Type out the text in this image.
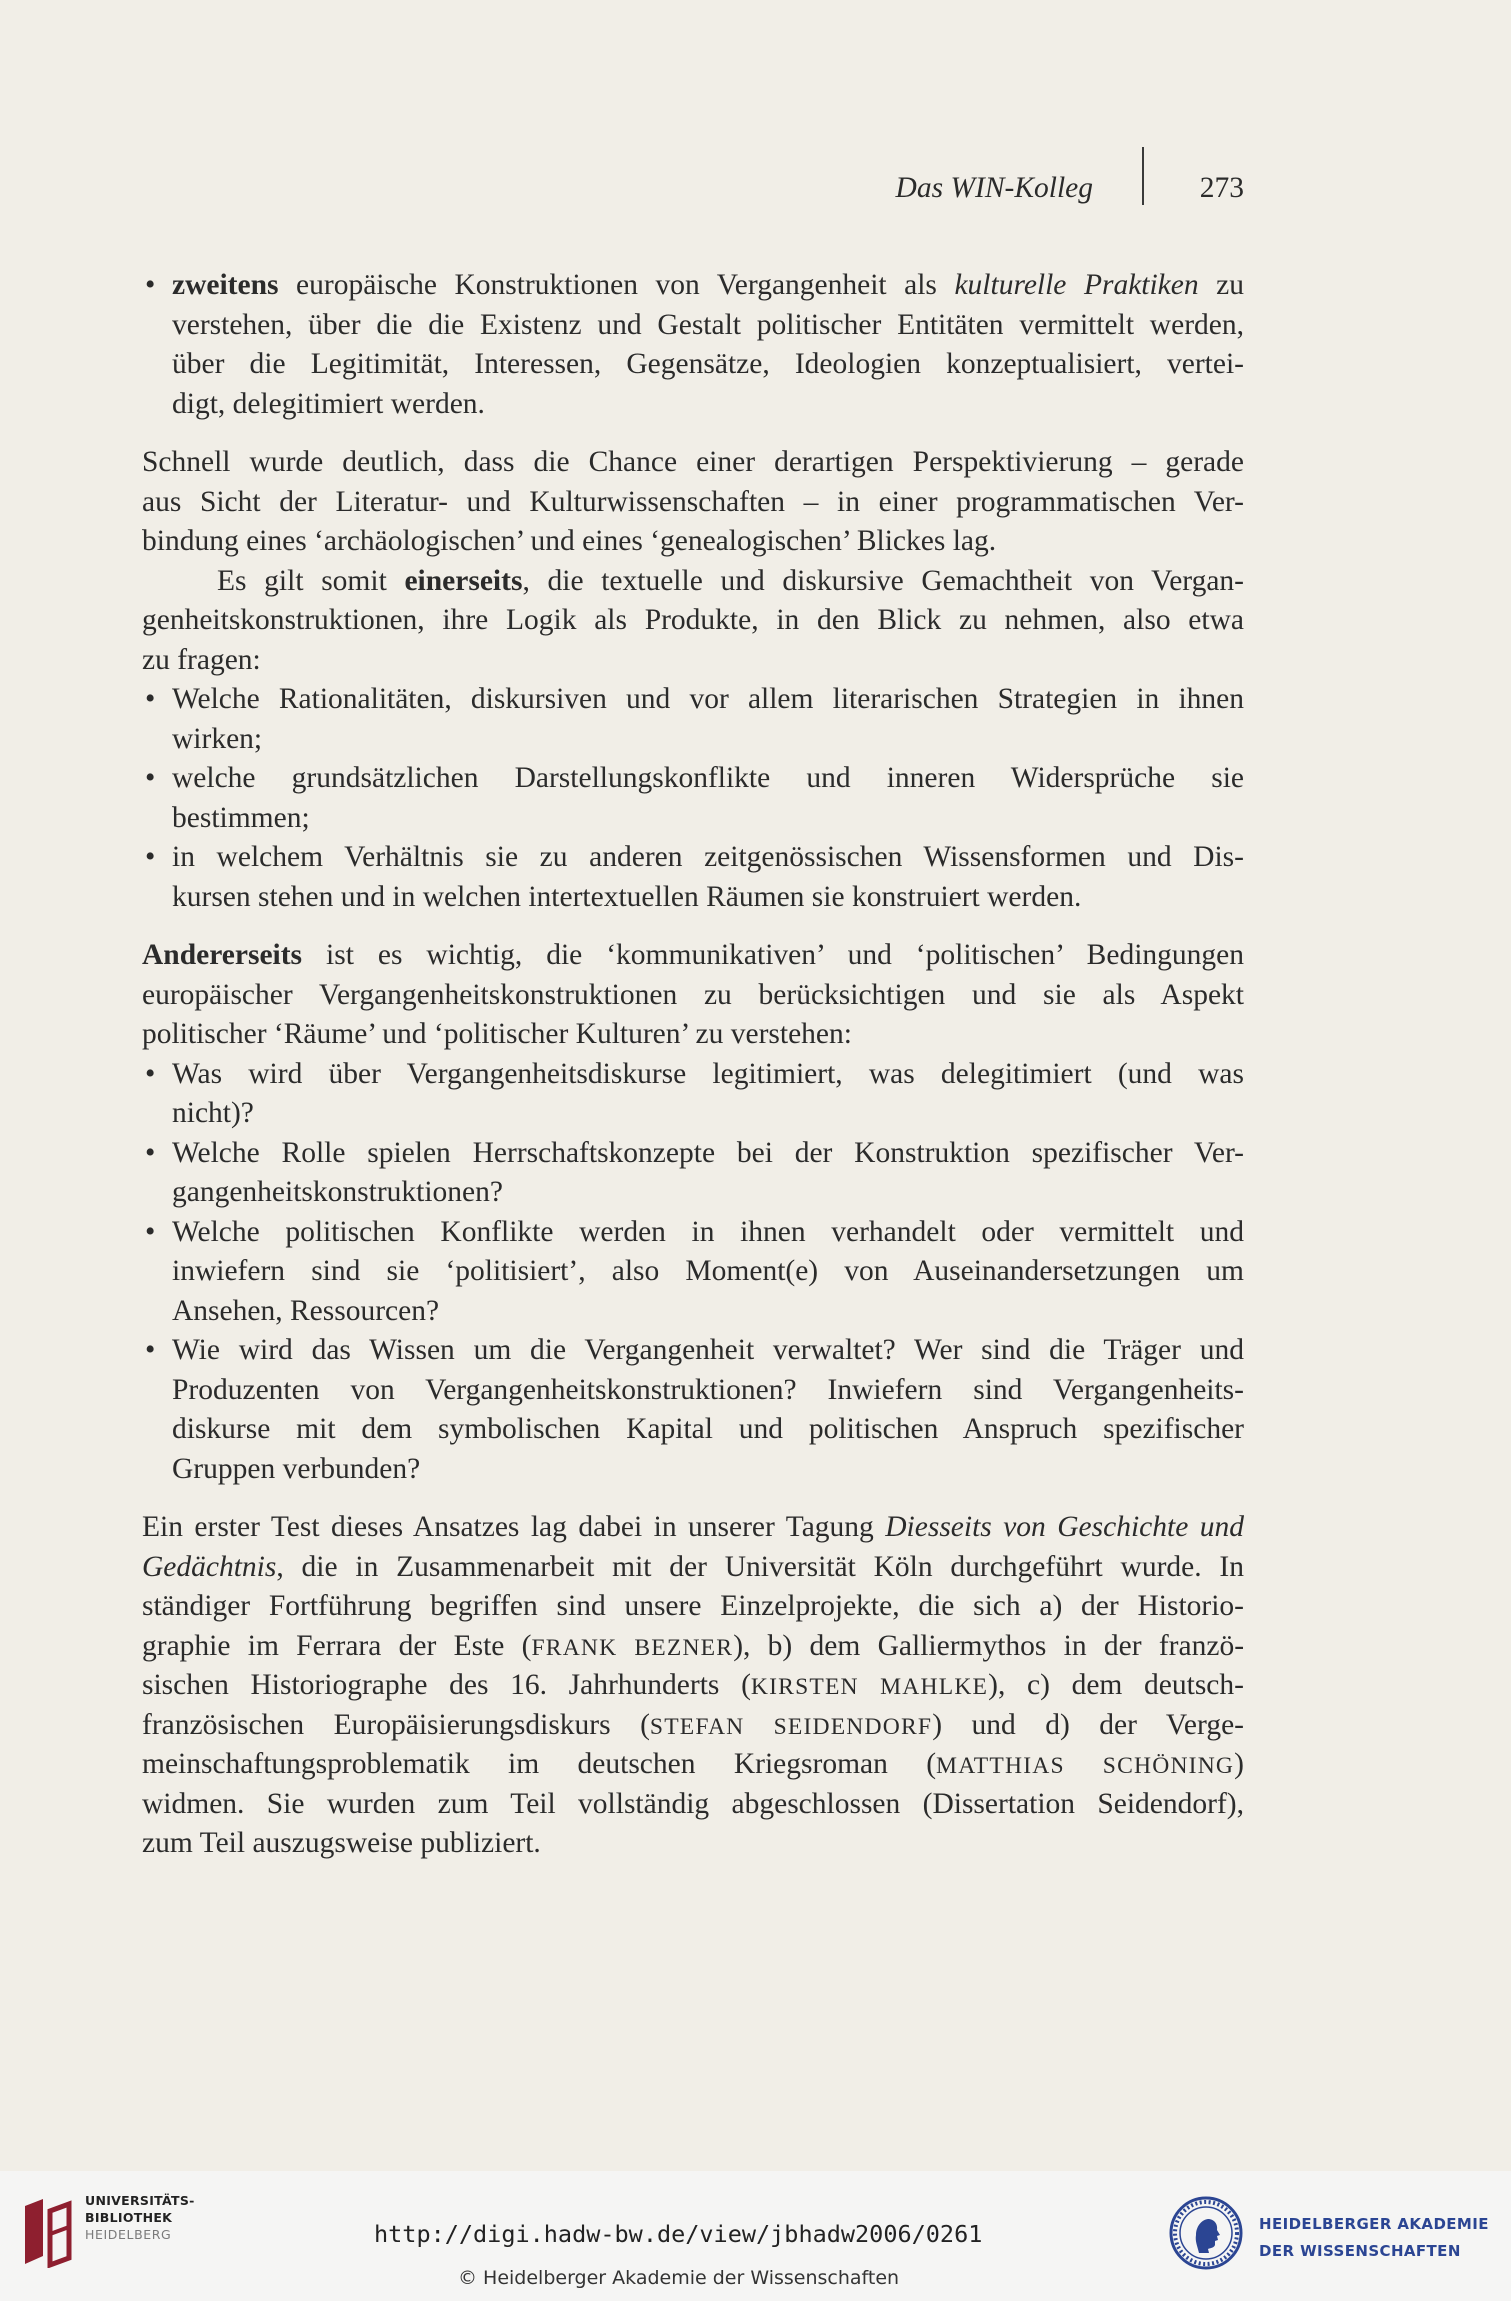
Das WIN-Kolleg	273
• zweitens europäische Konstruktionen von Vergangenheit als kulturelle Praktiken zu
verstehen, über die die Existenz und Gestalt politischer Entitäten vermittelt werden,
über die Legitimität, Interessen, Gegensätze, Ideologien konzeptualisiert, vertei-
digt, delegitimiert werden.
Schnell wurde deutlich, dass die Chance einer derartigen Perspektivierung – gerade
aus Sicht der Literatur- und Kulturwissenschaften – in einer programmatischen Ver-
bindung eines ‘archäologischen’ und eines ‘genealogischen’ Blickes lag.
Es gilt somit einerseits, die textuelle und diskursive Gemachtheit von Vergan-
genheitskonstruktionen, ihre Logik als Produkte, in den Blick zu nehmen, also etwa
zu fragen:
• Welche Rationalitäten, diskursiven und vor allem literarischen Strategien in ihnen
wirken;
• welche grundsätzlichen Darstellungskonflikte und inneren Widersprüche sie
bestimmen;
• in welchem Verhältnis sie zu anderen zeitgenössischen Wissensformen und Dis-
kursen stehen und in welchen intertextuellen Räumen sie konstruiert werden.
Andererseits ist es wichtig, die ‘kommunikativen’ und ‘politischen’ Bedingungen
europäischer Vergangenheitskonstruktionen zu berücksichtigen und sie als Aspekt
politischer ‘Räume’ und ‘politischer Kulturen’ zu verstehen:
• Was wird über Vergangenheitsdiskurse legitimiert, was delegitimiert (und was
nicht)?
• Welche Rolle spielen Herrschaftskonzepte bei der Konstruktion spezifischer Ver-
gangenheitskonstruktionen?
• Welche politischen Konflikte werden in ihnen verhandelt oder vermittelt und
inwiefern sind sie ‘politisiert’, also Moment(e) von Auseinandersetzungen um
Ansehen, Ressourcen?
• Wie wird das Wissen um die Vergangenheit verwaltet? Wer sind die Träger und
Produzenten von Vergangenheitskonstruktionen? Inwiefern sind Vergangenheits-
diskurse mit dem symbolischen Kapital und politischen Anspruch spezifischer
Gruppen verbunden?
Ein erster Test dieses Ansatzes lag dabei in unserer Tagung Diesseits von Geschichte und
Gedächtnis, die in Zusammenarbeit mit der Universität Köln durchgeführt wurde. In
ständiger Fortführung begriffen sind unsere Einzelprojekte, die sich a) der Historio-
graphie im Ferrara der Este (FRANK BEZNER), b) dem Galliermythos in der franzö-
sischen Historiographe des 16. Jahrhunderts (KIRSTEN MAHLKE), c) dem deutsch-
französischen Europäisierungsdiskurs (STEFAN SEIDENDORF) und d) der Verge-
meinschaftungsproblematik im deutschen Kriegsroman (MATTHIAS SCHÖNING)
widmen. Sie wurden zum Teil vollständig abgeschlossen (Dissertation Seidendorf),
zum Teil auszugsweise publiziert.
UNIVERSITÄTS-
BIBLIOTHEK
HEIDELBERG	http://digi.hadw-bw.de/view/jbhadw2006/0261
© Heidelberger Akademie der Wissenschaften
HEIDELBERGER AKADEMIE
DER WISSENSCHAFTEN
